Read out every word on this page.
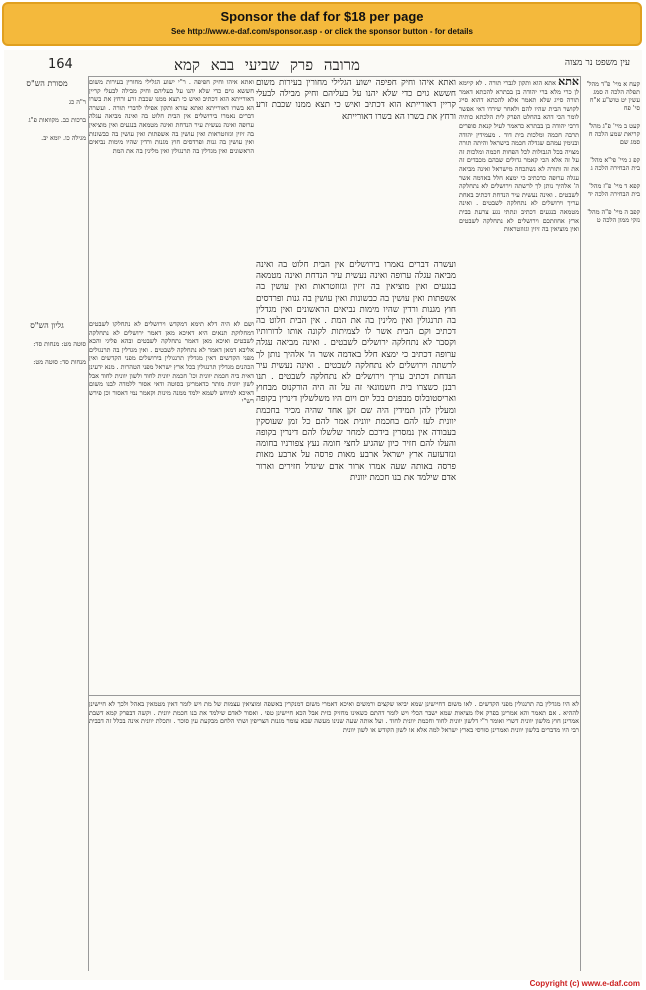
Sponsor the daf for $18 per page
See http://www.e-daf.com/sponsor.asp - or click the sponsor button - for details
164	מרובה פרק שביעי בבא קמא	עין משפט נר מצוה
אתא אתא הוא ותקון לגברי תורה . לא קיימא לן כרי מלא ברי יהודה בן בבתרא להכתא דאמר תורה סייג שלא תאמר אלא להכתא דהוא סייג לקושר הבית שהיו להם ולאחר שירדו דאי אפשר לומר הכי דהא בהחלט הפרק לית הלכתא כותיה דרבי יהודה בן בבתרא כדאמר לעיל קנאת סופרים תרבה חכמה ומלכות בית דוד . מעמידין יהודה ובנימין עמהם שגדלה חכמה בישראל והיתה תורה מצויה בכל הגבולות לכל הפחות חכמה ומלכות זה על זה אלא הכי קאמר גדולים שבהם מכבדים זה את זה ותורה לא נשתכחה מישראל ואינה מביאה עגלה ערופה כדכתיב כי ימצא חלל באדמה אשר ה' אלהיך נותן לך לרשתה וירושלים לא נתחלקה לשבטים . ואינה נעשית עיר הנדחת דכתיב באחת עריך וירושלים לא נתחלקה לשבטים . ואינה מטמאה בנגעים דכתיב ונתתי נגע צרעת בבית ארץ אחוזתכם וירושלים לא נתחלקה לשבטים ואין מוציאין בה זיזין וגזוזטראות
ואתא איהו וחיק חפיפה . ר"י ישוע הגלילי מחורין בעירות משום חששא גוים כדי שלא יהנו על בעליהם וחיק מבילה לבעלי קריין דאורייתא הוא דכתיב ואיש כי תצא ממנו שכבת זרע ורחץ את בשרו הא בשרו דאורייתא ואתא עזרא ותקון אפילו לדברי תורה . ועשרה דברים נאמרו בירושלים אין הבית חלוט בה ואינה מביאה עגלה ערופה ואינה נעשית עיר הנדחת ואינה מטמאה בנגעים ואין מוציאין בה זיזין וגזוזטראות ואין עושין בה אשפתות ואין עושין בה כבשונות ואין עושין בה גנות ופרדסים חוץ מגנות ורדין שהיו מימות נביאים הראשונים ואין מגדלין בה תרנגולין ואין מלינין בה את המת
ואתא איהו וחיק חפיפה ישוע הגלילי מחורין בעירות משום חששא גוים כדי שלא יהנו על בעליהם וחיק מבילה לבעלי קריין דאורייתא הוא דכתיב ואיש כי תצא ממנו שכבת זרע ורחץ את בשרו הא בשרו דאורייתא
ועשרה דברים נאמרו בירושלים אין הבית חלוט בה ואינה מביאה עגלה ערופה ואינה נעשית עיר הנדחת ואינה מטמאה בנגעים ואין מוציאין בה זיזין וגזוזטראות ואין עושין בה אשפתות ואין עושין בה כבשונות ואין עושין בה גנות ופרדסים חוץ מגנות ורדין שהיו מימות נביאים הראשונים ואין מגדלין בה תרנגולין ואין מלינין בה את המת . אין הבית חלוט בה דכתיב וקם הבית אשר לו לצמיתות לקונה אותו לדורותיו וקסבר לא נתחלקה ירושלים לשבטים . ואינה מביאה עגלה ערופה דכתיב כי ימצא חלל באדמה אשר ה' אלהיך נותן לך לרשתה וירושלים לא נתחלקה לשבטים . ואינה נעשית עיר הנדחת דכתיב עריך וירושלים לא נתחלקה לשבטים . תנו רבנן כשצרו בית חשמונאי זה על זה היה הורקנוס מבחוץ ואריסטובלוס מבפנים בכל יום ויום היו משלשלין דינרין בקופה ומעלין להן תמידין היה שם זקן אחד שהיה מכיר בחכמת יוונית לעז להם בחכמת יוונית אמר להם כל זמן שעוסקין בעבודה אין נמסרין בידכם למחר שלשלו להם דינרין בקופה והעלו להם חזיר כיון שהגיע לחצי חומה נעץ צפורניו בחומה ונזדעזעה ארץ ישראל ארבע מאות פרסה על ארבע מאות פרסה באותה שעה אמרו ארור אדם שיגדל חזירים וארור אדם שילמד את בנו חכמת יוונית
ושם לא היה דלא תימא דמקדש וירושלים לא נתחלקו לשבטים דמחלוקת תנאים היא דאיכא מאן דאמר ירושלים לא נתחלקה לשבטים ואיכא מאן דאמר נתחלקה לשבטים ובהא פליגי והכא אליבא דמאן דאמר לא נתחלקה לשבטים . ואין מגדלין בה תרנגולים מפני הקדשים דאין מגדלין תרנגולין בירושלים מפני הקדשים ואין הכהנים מגדלין תרנגולין בכל ארץ ישראל מפני הטהרות . מנא ידעינן דאית ביה חכמת יוונית וכו' חכמת יוונית לחוד ולשון יוונית לחוד אבל לשון יוונית מותר כדאמרינן בסוטה ודאי אסור ללמדה לבנו משום דאיכא למיחש לשמא ילמד ממנה מינות וקאמר נמי דאסור וכן פירש רש"י
לא היו מגדלין בה תרנגולין מפני הקדשים . לאו משום דחיישינן שמא יביאו שקצים ורמשים ואיכא דאמרי משום דמנקרין באשפה ומוציאין עצמות של מת ויש לומר דאין מטמאין באהל ולכך לא חיישינן לההיא . אם תאמר והא אמרינן בפרק אלו מציאות שמא ישבר הכלי ויש לומר דהתם כשאינו מחזיק כזית אבל הכא חיישינן טפי . ואסור לאדם שילמד את בנו חכמת יוונית . וקשה דבפרק קמא דשבת אמרינן חוץ מלשון יוונית דשרי ואומר ר"י דלשון יוונית לחוד וחכמת יוונית לחוד . ועל אותה שעה שנינו מעשה שבא עומר מגנות הצריפין ושתי הלחם מבקעת עין סוכר . ותכלת יוונית אינה בכלל זה דבבית רבי היו מדברים בלשון יוונית ואמרינן סורסי בארץ ישראל למה אלא או לשון הקודש או לשון יוונית
קעח א מיי' פ"ד מהל' תפלה הלכה ה סמג עשין יט טוש"ע א"ח סי' פח
קעט ב מיי' פ"ג מהל' קריאת שמע הלכה ח סמג שם
קפ ג מיי' פי"א מהל' בית הבחירה הלכה ג
קפא ד מיי' פ"ז מהל' בית הבחירה הלכה יד
קפב ה מיי' פ"ה מהל' נזקי ממון הלכה ט
מסורת הש"ס
ר"ה כג
ברכות כב. מקוואות פ"ג
מגילה כו. יומא יב.
גליון הש"ס
סוטה מט: מנחות סד:
מנחות סד: סוטה מט:
Copyright (c) www.e-daf.com
